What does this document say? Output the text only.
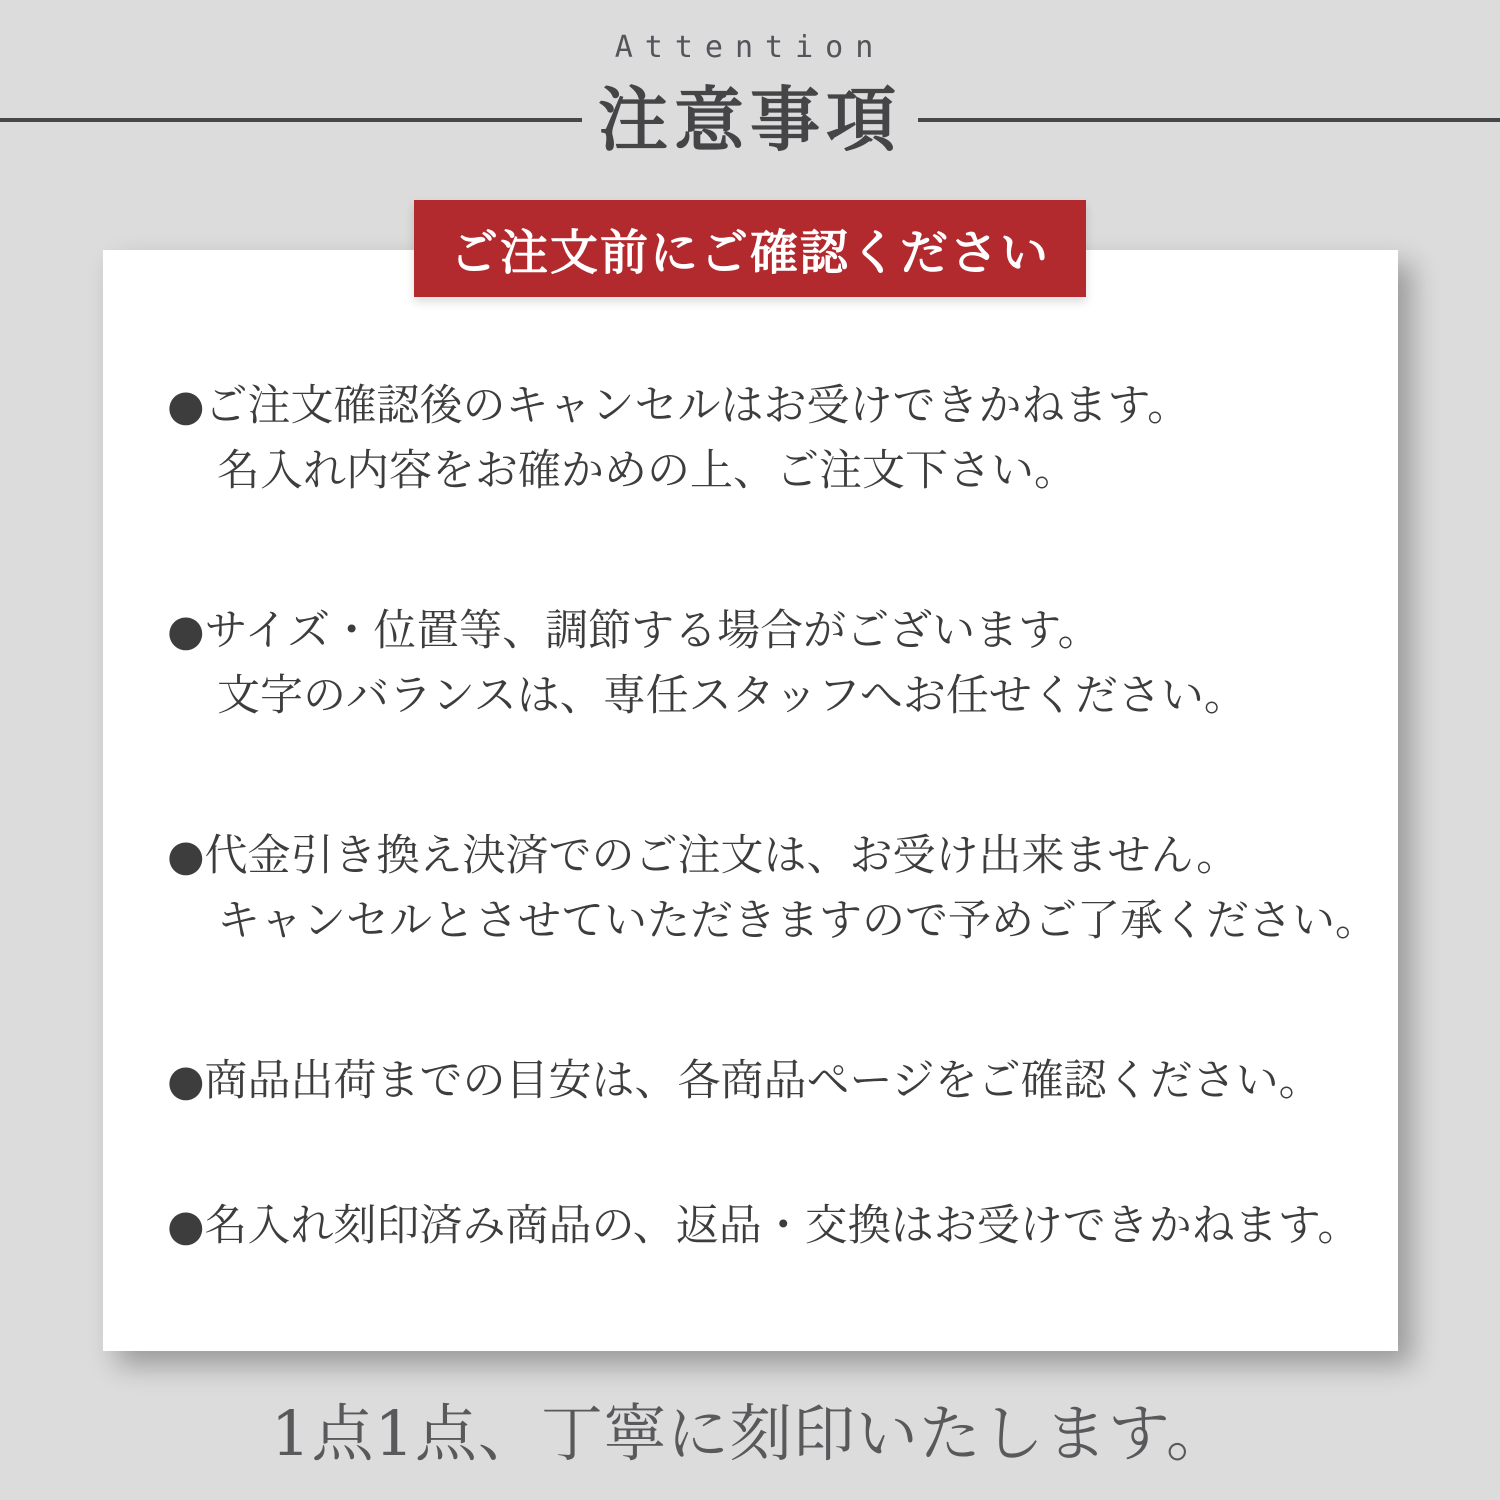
Attention
注意事項
ご注文前にご確認ください
●ご注文確認後のキャンセルはお受けできかねます。
名入れ内容をお確かめの上、ご注文下さい。
●サイズ・位置等、調節する場合がございます。
文字のバランスは、専任スタッフへお任せください。
●代金引き換え決済でのご注文は、お受け出来ません。
キャンセルとさせていただきますので予めご了承ください。
●商品出荷までの目安は、各商品ページをご確認ください。
●名入れ刻印済み商品の、返品・交換はお受けできかねます。
1点1点、丁寧に刻印いたします。
